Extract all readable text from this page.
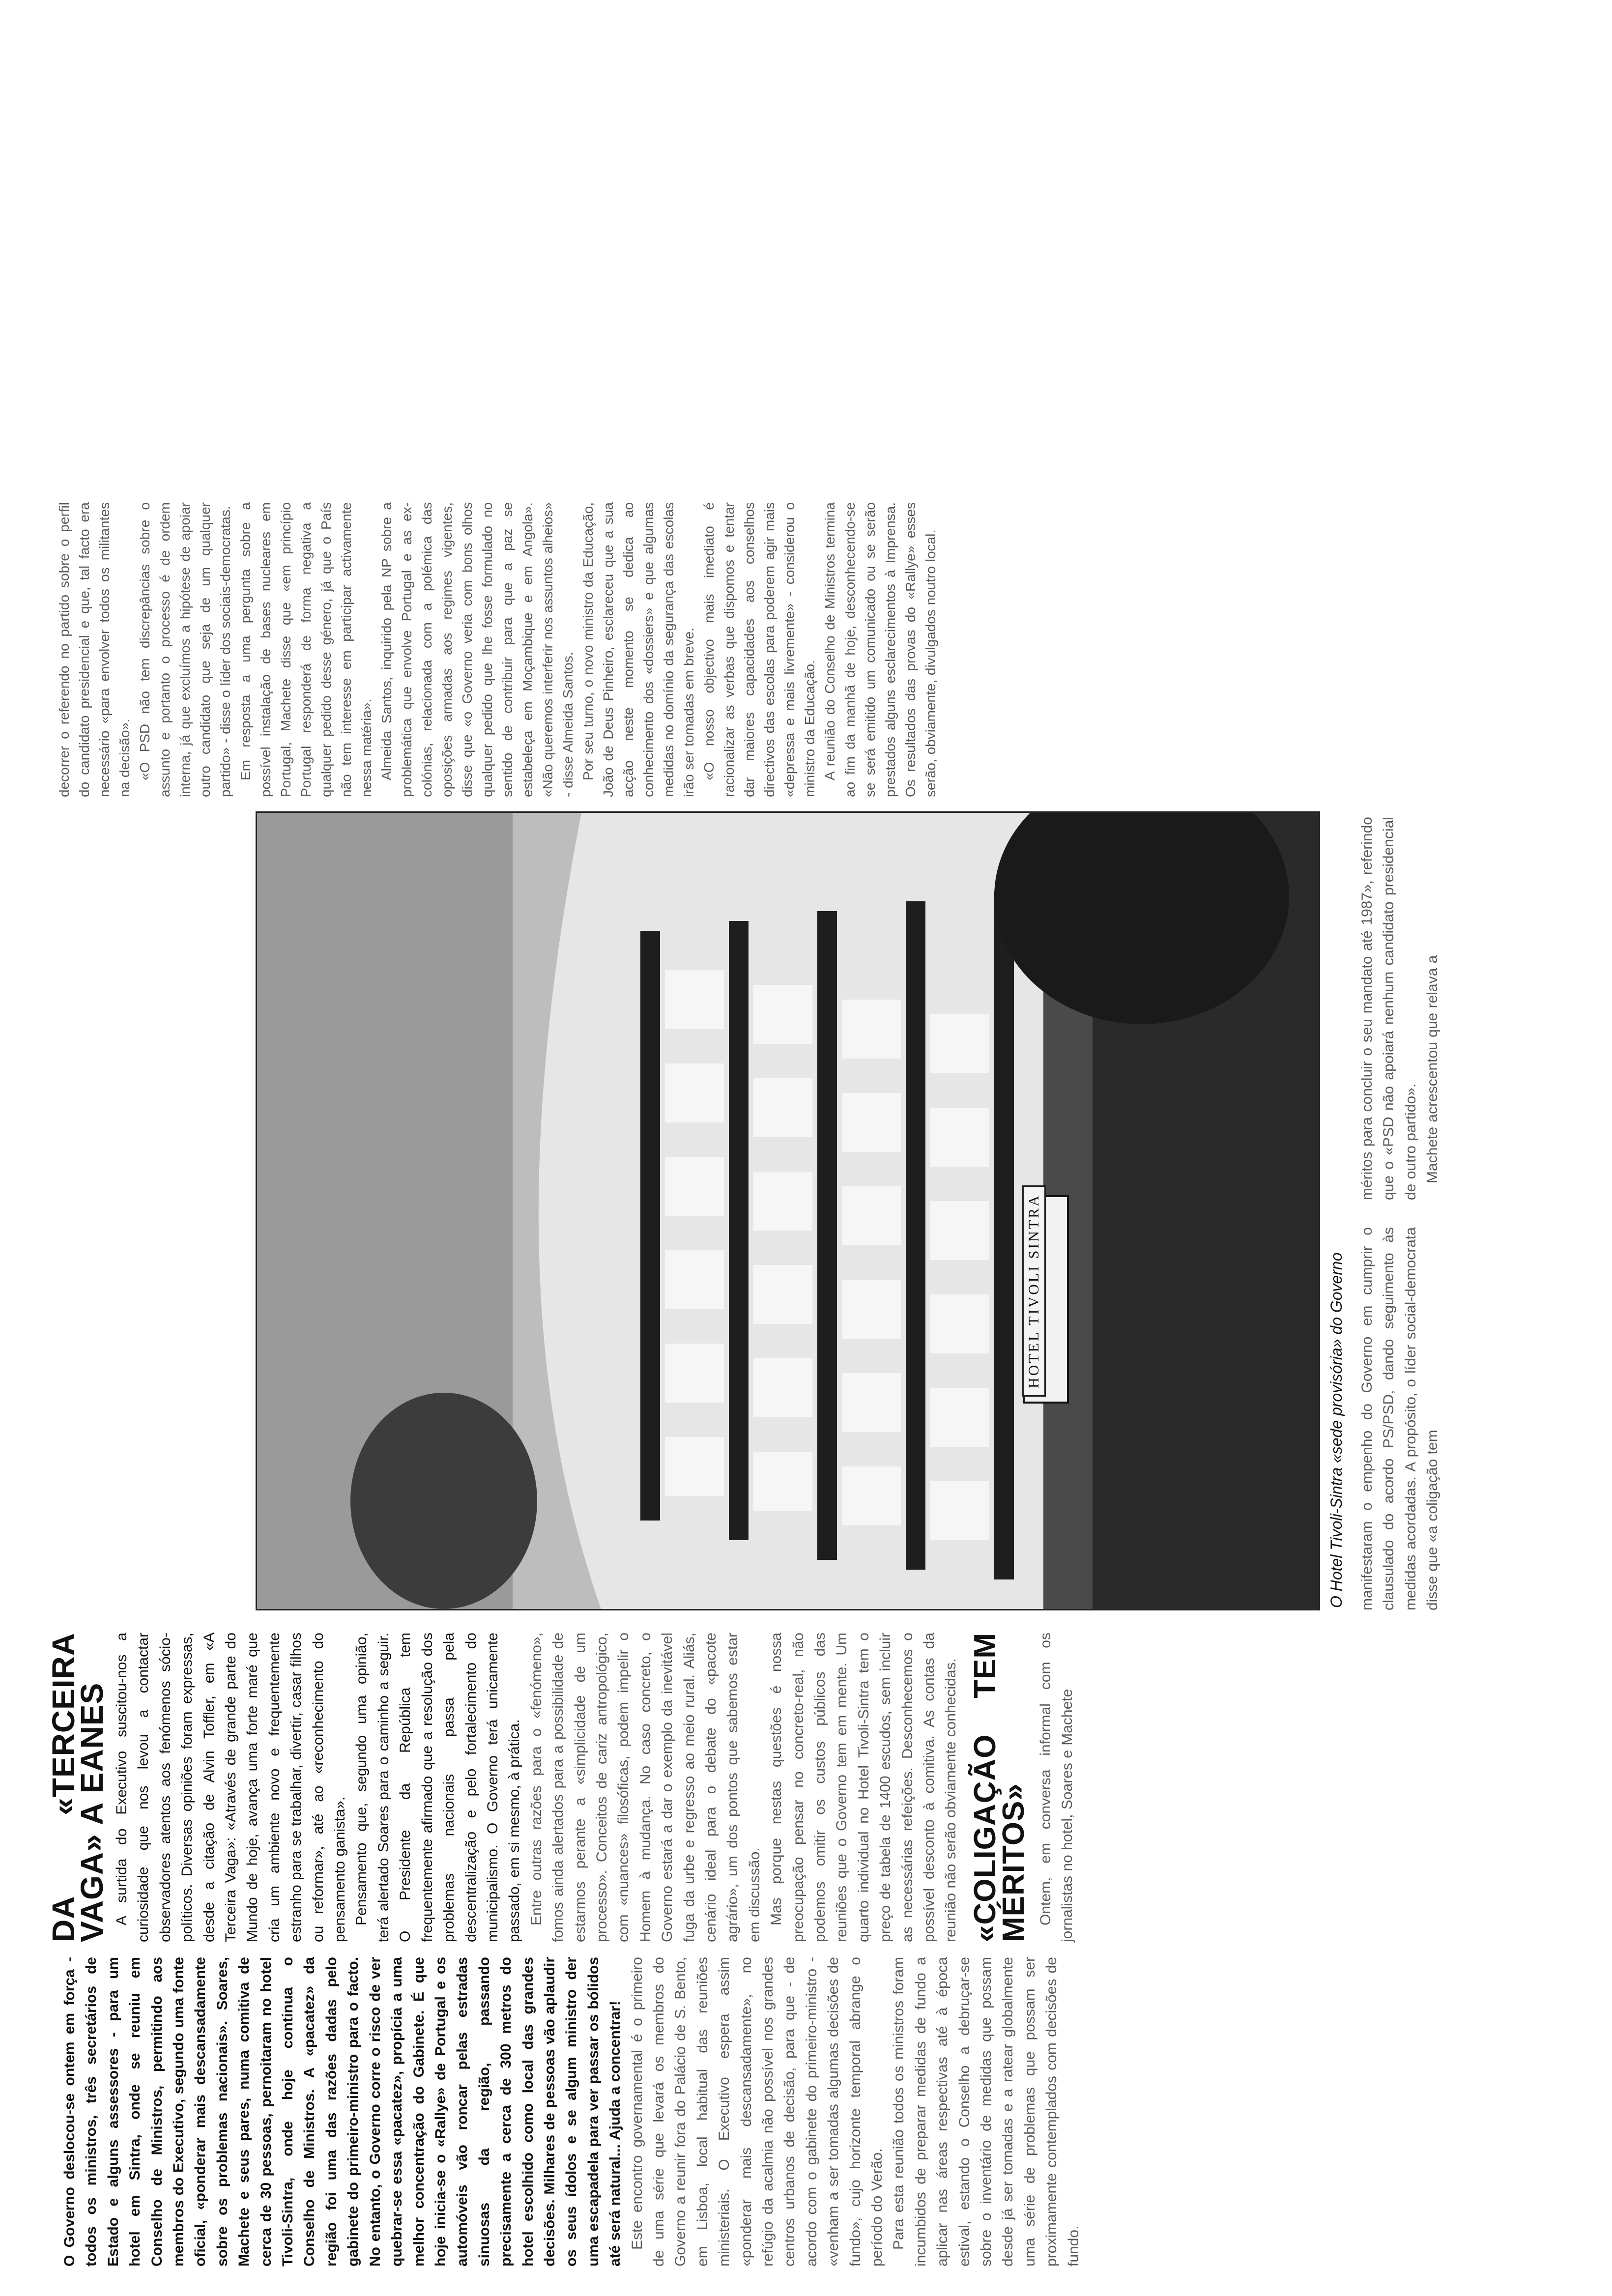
O Governo deslocou-se ontem em força - todos os ministros, três secretários de Estado e alguns assessores - para um hotel em Sintra, onde se reuniu em Conselho de Ministros, permitindo aos membros do Executivo, segundo uma fonte oficial, «ponderar mais descansadamente sobre os problemas nacionais». Soares, Machete e seus pares, numa comitiva de cerca de 30 pessoas, pernoitaram no hotel Tivoli-Sintra, onde hoje continua o Conselho de Ministros. A «pacatez» da região foi uma das razões dadas pelo gabinete do primeiro-ministro para o facto. No entanto, o Governo corre o risco de ver quebrar-se essa «pacatez», propícia a uma melhor concentração do Gabinete. É que hoje inicia-se o «Rallye» de Portugal e os automóveis vão roncar pelas estradas sinuosas da região, passando precisamente a cerca de 300 metros do hotel escolhido como local das grandes decisões. Milhares de pessoas vão aplaudir os seus ídolos e se algum ministro der uma escapadela para ver passar os bólidos até será natural... Ajuda a concentrar! Este encontro governamental é o primeiro de uma série que levará os membros do Governo a reunir fora do Palácio de S. Bento, em Lisboa, local habitual das reuniões ministeriais. O Executivo espera assim «ponderar mais descansadamente», no refúgio da acalmia não possível nos grandes centros urbanos de decisão, para que - de acordo com o gabinete do primeiro-ministro - «venham a ser tomadas algumas decisões de fundo», cujo horizonte temporal abrange o período do Verão. Para esta reunião todos os ministros foram incumbidos de preparar medidas de fundo a aplicar nas áreas respectivas até à época estival, estando o Conselho a debruçar-se sobre o inventário de medidas que possam desde já ser tomadas e a ratear globalmente uma série de problemas que possam ser proximamente contemplados com decisões de fundo.

DA «TERCEIRA VAGA» A EANES A surtida do Executivo suscitou-nos a curiosidade que nos levou a contactar observadores atentos aos fenómenos sócio-políticos. Diversas opiniões foram expressas, desde a citação de Alvin Toffler, em «A Terceira Vaga»: «Através de grande parte do Mundo de hoje, avança uma forte maré que cria um ambiente novo e frequentemente estranho para se trabalhar, divertir, casar filhos ou reformar», até ao «reconhecimento do pensamento ganista». Pensamento que, segundo uma opinião, terá alertado Soares para o caminho a seguir. O Presidente da República tem frequentemente afirmado que a resolução dos problemas nacionais passa pela descentralização e pelo fortalecimento do municipalismo. O Governo terá unicamente passado, em si mesmo, à prática. Entre outras razões para o «fenómeno», fomos ainda alertados para a possibilidade de estarmos perante a «simplicidade de um processo». Conceitos de cariz antropológico, com «nuances» filosóficas, podem impelir o Homem à mudança. No caso concreto, o Governo estará a dar o exemplo da inevitável fuga da urbe e regresso ao meio rural. Aliás, cenário ideal para o debate do «pacote agrário», um dos pontos que sabemos estar em discussão. Mas porque nestas questões é nossa preocupação pensar no concreto-real, não podemos omitir os custos públicos das reuniões que o Governo tem em mente. Um quarto individual no Hotel Tivoli-Sintra tem o preço de tabela de 1400 escudos, sem incluir as necessárias refeições. Desconhecemos o possível desconto à comitiva. As contas da reunião não serão obviamente conhecidas. «COLIGAÇÃO TEM MÉRITOS» Ontem, em conversa informal com os jornalistas no hotel, Soares e Machete

HOTEL TIVOLI SINTRA	O Hotel Tivoli-Sintra «sede provisória» do Governo manifestaram o empenho do Governo em cumprir o clausulado do acordo PS/PSD, dando seguimento às medidas acordadas. A propósito, o líder social-democrata disse que «a coligação tem

méritos para concluir o seu mandato até 1987», referindo que o «PSD não apoiará nenhum candidato presidencial de outro partido». Machete acrescentou que relava a

decorrer o referendo no partido sobre o perfil do candidato presidencial e que, tal facto era necessário «para envolver todos os militantes na decisão». «O PSD não tem discrepâncias sobre o assunto e portanto o processo é de ordem interna, já que excluímos a hipótese de apoiar outro candidato que seja de um qualquer partido» - disse o líder dos sociais-democratas. Em resposta a uma pergunta sobre a possível instalação de bases nucleares em Portugal, Machete disse que «em princípio Portugal responderá de forma negativa a qualquer pedido desse género, já que o País não tem interesse em participar activamente nessa matéria». Almeida Santos, inquirido pela NP sobre a problemática que envolve Portugal e as ex-colónias, relacionada com a polémica das oposições armadas aos regimes vigentes, disse que «o Governo veria com bons olhos qualquer pedido que lhe fosse formulado no sentido de contribuir para que a paz se estabeleça em Moçambique e em Angola». «Não queremos interferir nos assuntos alheios» - disse Almeida Santos. Por seu turno, o novo ministro da Educação, João de Deus Pinheiro, esclareceu que a sua acção neste momento se dedica ao conhecimento dos «dossiers» e que algumas medidas no domínio da segurança das escolas irão ser tomadas em breve. «O nosso objectivo mais imediato é racionalizar as verbas que dispomos e tentar dar maiores capacidades aos conselhos directivos das escolas para poderem agir mais «depressa e mais livremente» - considerou o ministro da Educação. A reunião do Conselho de Ministros termina ao fim da manhã de hoje, desconhecendo-se se será emitido um comunicado ou se serão prestados alguns esclarecimentos à Imprensa. Os resultados das provas do «Rallye» esses serão, obviamente, divulgados noutro local.
